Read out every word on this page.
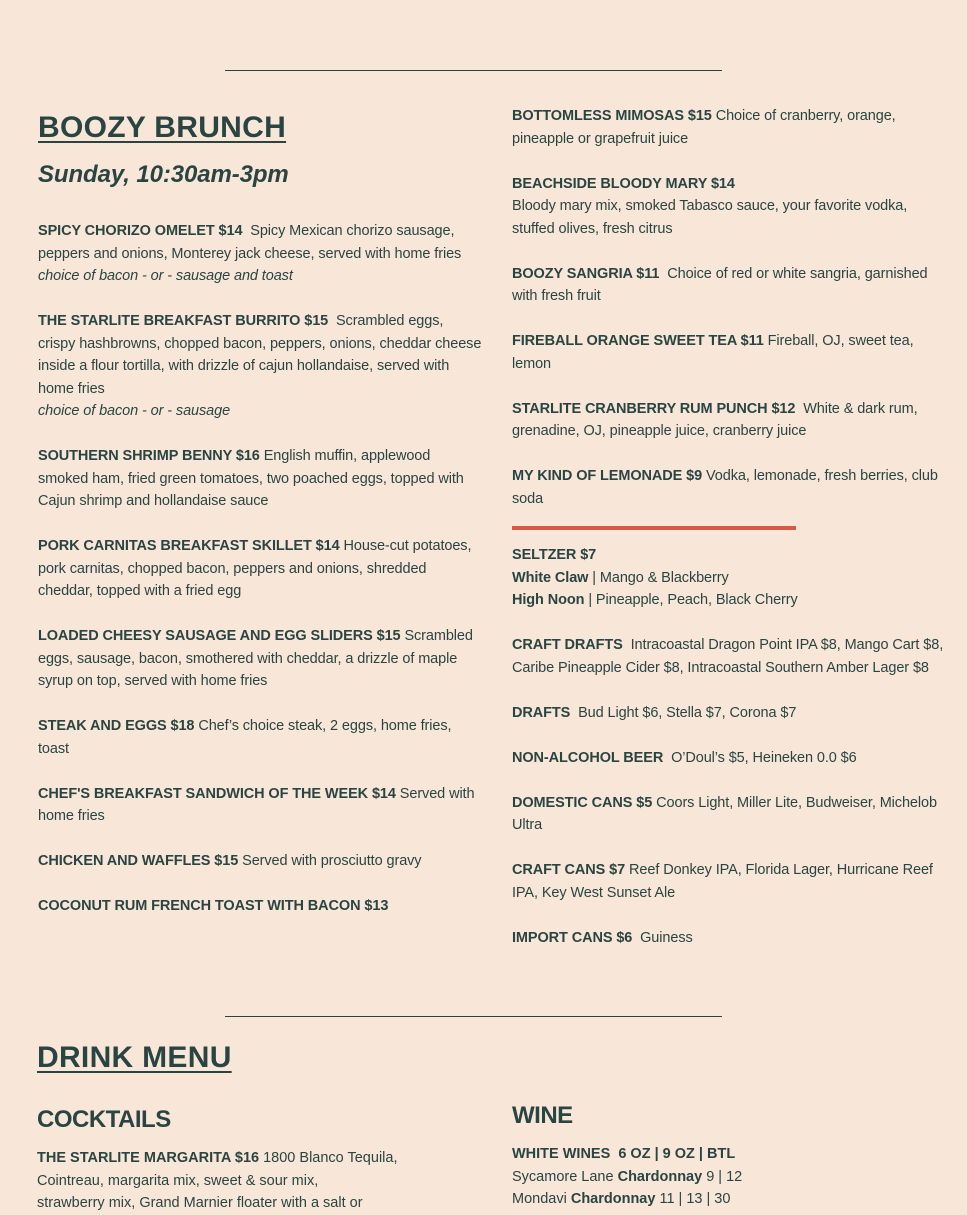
BOOZY BRUNCH
Sunday, 10:30am-3pm
SPICY CHORIZO OMELET $14 Spicy Mexican chorizo sausage, peppers and onions, Monterey jack cheese, served with home fries
choice of bacon - or - sausage and toast
THE STARLITE BREAKFAST BURRITO $15 Scrambled eggs, crispy hashbrowns, chopped bacon, peppers, onions, cheddar cheese inside a flour tortilla, with drizzle of cajun hollandaise, served with home fries
choice of bacon - or - sausage
SOUTHERN SHRIMP BENNY $16 English muffin, applewood smoked ham, fried green tomatoes, two poached eggs, topped with Cajun shrimp and hollandaise sauce
PORK CARNITAS BREAKFAST SKILLET $14 House-cut potatoes, pork carnitas, chopped bacon, peppers and onions, shredded cheddar, topped with a fried egg
LOADED CHEESY SAUSAGE AND EGG SLIDERS $15 Scrambled eggs, sausage, bacon, smothered with cheddar, a drizzle of maple syrup on top, served with home fries
STEAK AND EGGS $18 Chef’s choice steak, 2 eggs, home fries, toast
CHEF'S BREAKFAST SANDWICH OF THE WEEK $14 Served with home fries
CHICKEN AND WAFFLES $15 Served with prosciutto gravy
COCONUT RUM FRENCH TOAST WITH BACON $13
BOTTOMLESS MIMOSAS $15 Choice of cranberry, orange, pineapple or grapefruit juice
BEACHSIDE BLOODY MARY $14
Bloody mary mix, smoked Tabasco sauce, your favorite vodka, stuffed olives, fresh citrus
BOOZY SANGRIA $11 Choice of red or white sangria, garnished with fresh fruit
FIREBALL ORANGE SWEET TEA $11 Fireball, OJ, sweet tea, lemon
STARLITE CRANBERRY RUM PUNCH $12 White & dark rum, grenadine, OJ, pineapple juice, cranberry juice
MY KIND OF LEMONADE $9 Vodka, lemonade, fresh berries, club soda
SELTZER $7
White Claw | Mango & Blackberry
High Noon | Pineapple, Peach, Black Cherry
CRAFT DRAFTS Intracoastal Dragon Point IPA $8, Mango Cart $8,
Caribe Pineapple Cider $8, Intracoastal Southern Amber Lager $8
DRAFTS Bud Light $6, Stella $7, Corona $7
NON-ALCOHOL BEER O’Doul’s $5, Heineken 0.0 $6
DOMESTIC CANS $5 Coors Light, Miller Lite, Budweiser, Michelob Ultra
CRAFT CANS $7 Reef Donkey IPA, Florida Lager, Hurricane Reef IPA, Key West Sunset Ale
IMPORT CANS $6 Guiness
DRINK MENU
COCKTAILS
THE STARLITE MARGARITA $16 1800 Blanco Tequila,
Cointreau, margarita mix, sweet & sour mix,
strawberry mix, Grand Marnier floater with a salt or
WINE
WHITE WINES  6 OZ | 9 OZ | BTL
Sycamore Lane Chardonnay 9 | 12
Mondavi Chardonnay 11 | 13 | 30
